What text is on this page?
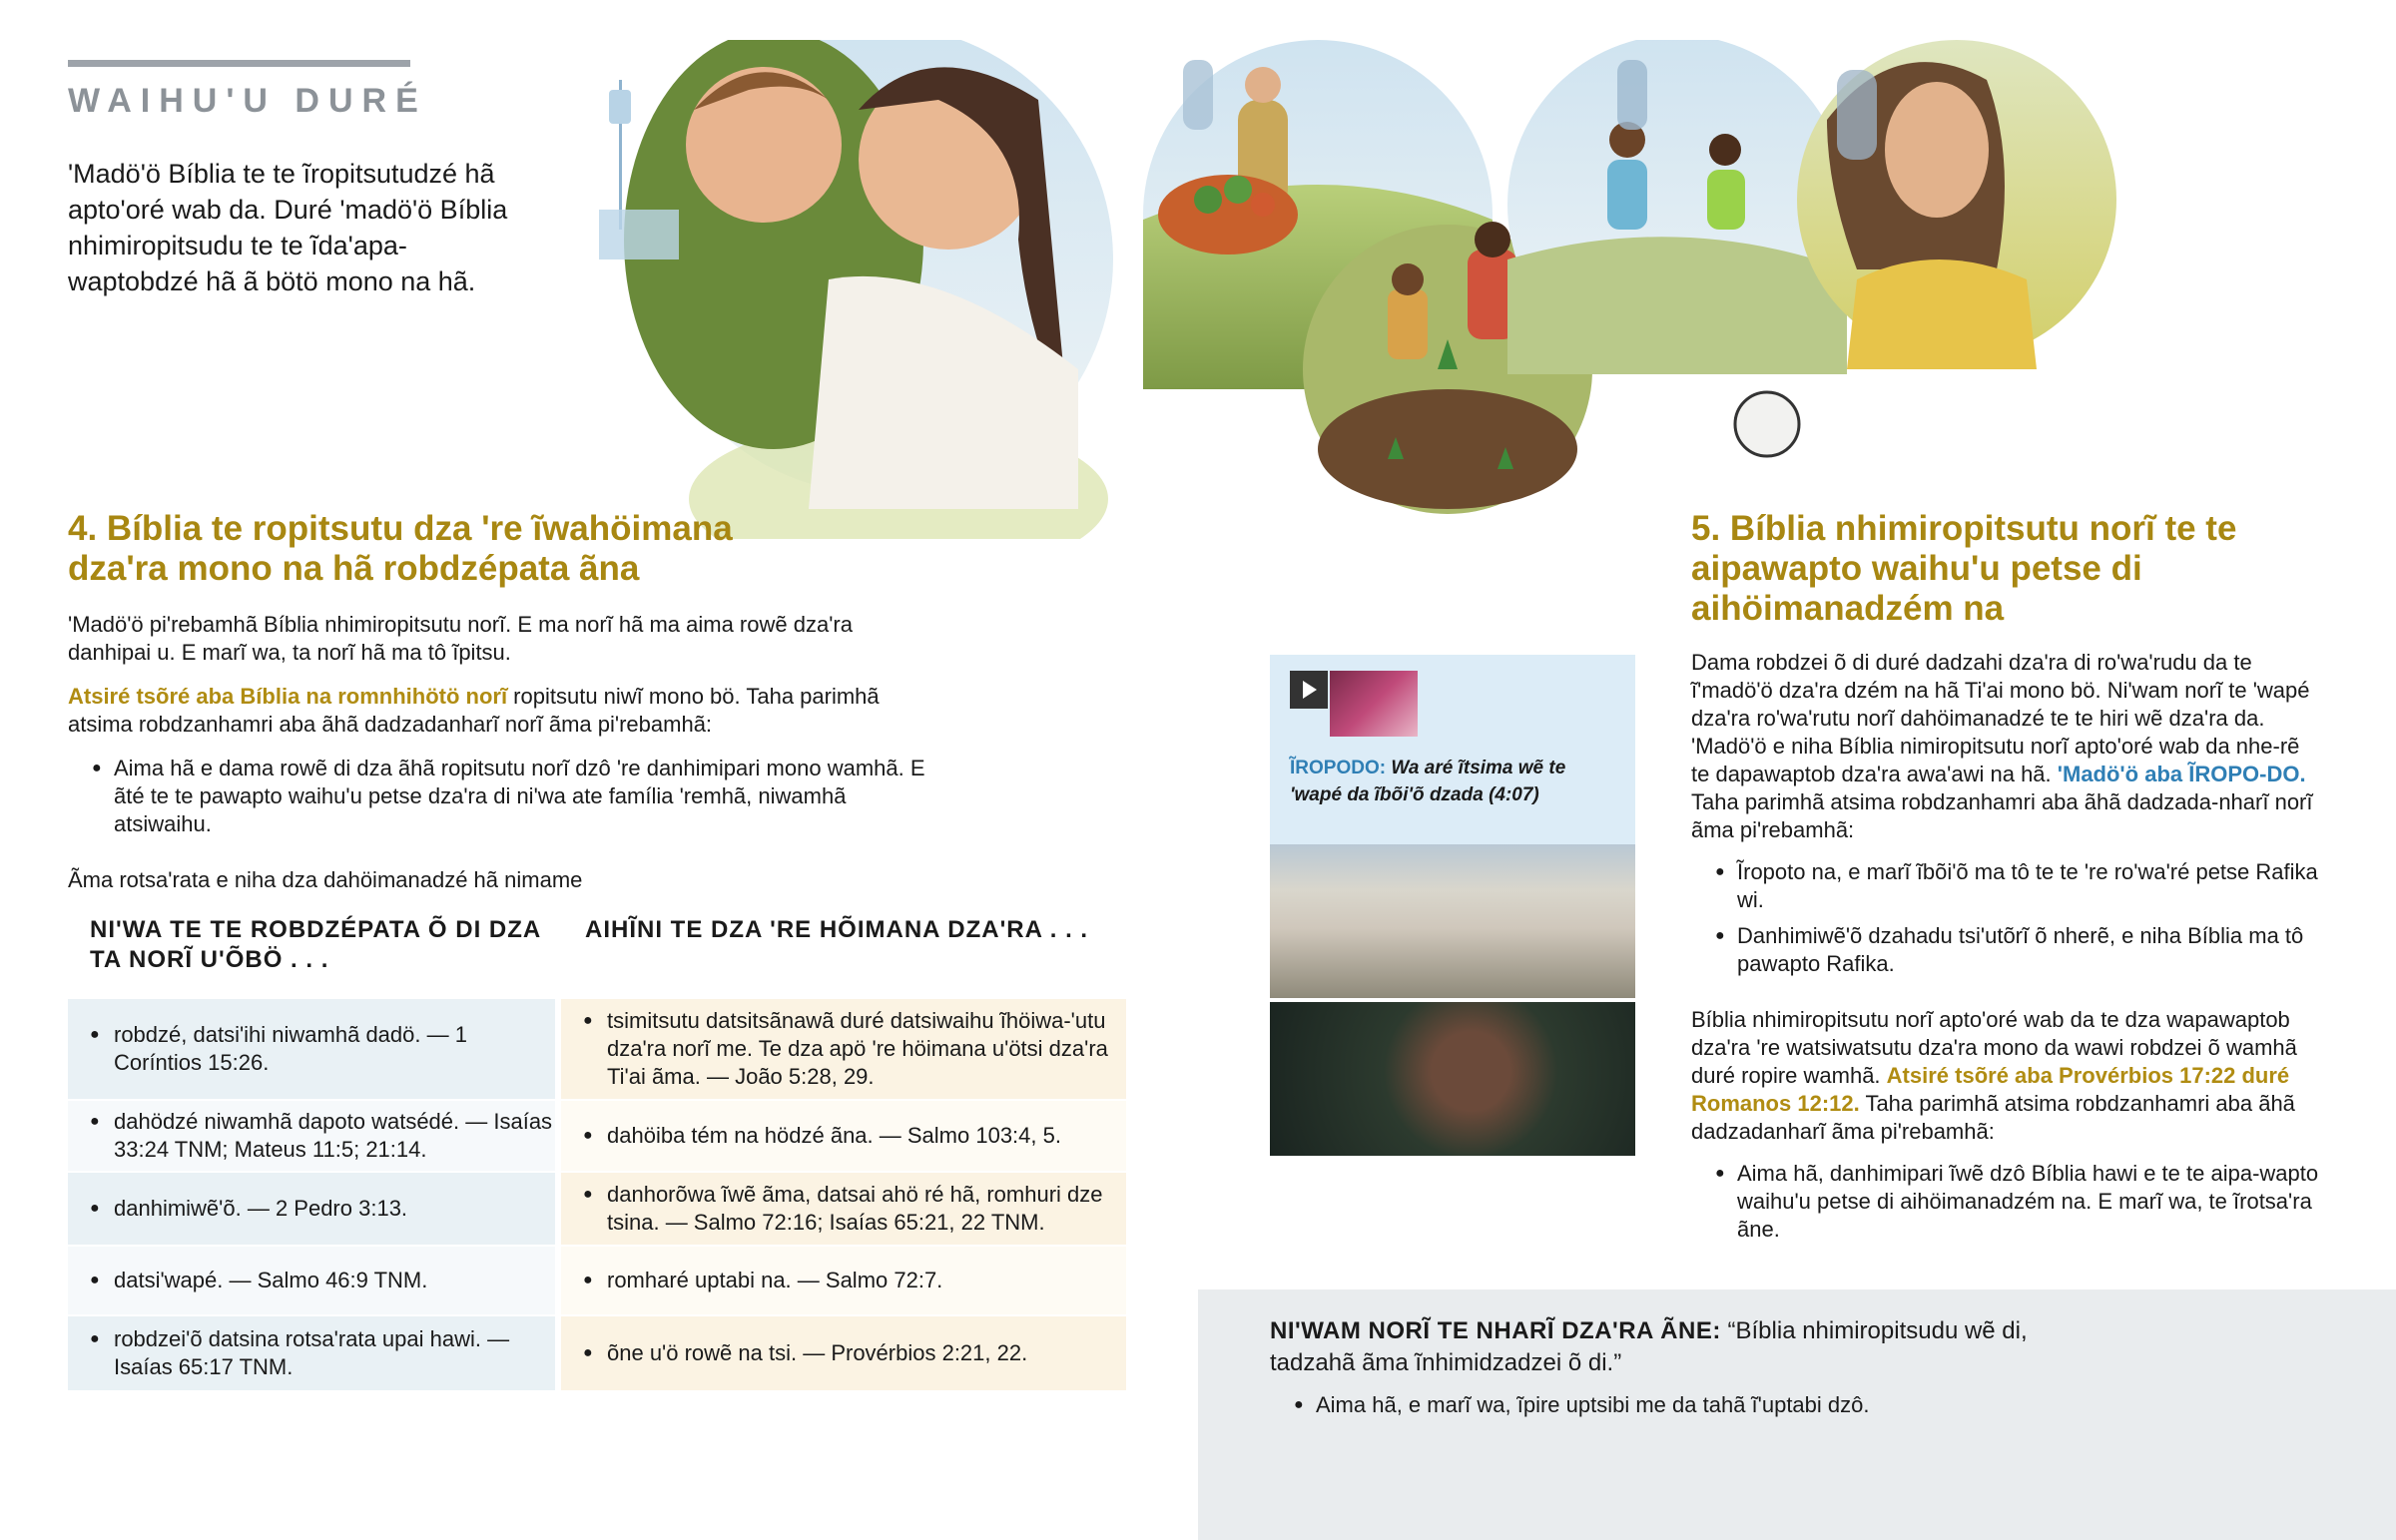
WAIHU'U DURÉ
'Madö'ö Bíblia te te ĩropitsutudzé hã apto'oré wab da. Duré 'madö'ö Bíblia nhimiropitsudu te te ĩda'apa-waptobdzé hã ã bötö mono na hã.
4. Bíblia te ropitsutu dza 're ĩwahöimana dza'ra mono na hã robdzépata ãna
'Madö'ö pi'rebamhã Bíblia nhimiropitsutu norĩ. E ma norĩ hã ma aima rowẽ dza'ra danhipai u. E marĩ wa, ta norĩ hã ma tô ĩpitsu.
Atsiré tsõré aba Bíblia na romnhihötö norĩ ropitsutu niwĩ mono bö. Taha parimhã atsima robdzanhamri aba ãhã dadzadanharĩ norĩ ãma pi'rebamhã:
● Aima hã e dama rowẽ di dza ãhã ropitsutu norĩ dzô 're danhimipari mono wamhã. E ãté te te pawapto waihu'u petse dza'ra di ni'wa ate família 'remhã, niwamhã atsiwaihu.
Ãma rotsa'rata e niha dza dahöimanadzé hã nimame
NI'WA TE TE ROBDZÉPATA Õ DI DZA TA NORĨ U'ÕBÖ . . .
AIHĨNI TE DZA 'RE HÕIMANA DZA'RA . . .
● robdzé, datsi'ihi niwamhã dadö. — 1 Coríntios 15:26.
● tsimitsutu datsitsãnawã duré datsiwaihu ĩhöiwa-'utu dza'ra norĩ me. Te dza apö 're höimana u'ötsi dza'ra Ti'ai ãma. — João 5:28, 29.
● dahödzé niwamhã dapoto watsédé. — Isaías 33:24 TNM; Mateus 11:5; 21:14.
● dahöiba tém na hödzé ãna. — Salmo 103:4, 5.
● danhimiwẽ'õ. — 2 Pedro 3:13.
● danhorõwa ĩwẽ ãma, datsai ahö ré hã, romhuri dze tsina. — Salmo 72:16; Isaías 65:21, 22 TNM.
● datsi'wapé. — Salmo 46:9 TNM.
●	romharé uptabi na. — Salmo 72:7.
● robdzei'õ datsina rotsa'rata upai hawi. — Isaías 65:17 TNM.
● õne u'ö rowẽ na tsi. — Provérbios 2:21, 22.
ĨROPODO: Wa aré ĩtsima wẽ te 'wapé da ĩbõi'õ dzada (4:07)
5. Bíblia nhimiropitsutu norĩ te te aipawapto waihu'u petse di aihöimanadzém na

Dama robdzei õ di duré dadzahi dza'ra di ro'wa'rudu da te ĩ'madö'ö dza'ra dzém na hã Ti'ai mono bö. Ni'wam norĩ te 'wapé dza'ra ro'wa'rutu norĩ dahöimanadzé te te hiri wẽ dza'ra da. 'Madö'ö e niha Bíblia nimiropitsutu norĩ apto'oré wab da nhe-rẽ te dapawaptob dza'ra awa'awi na hã. 'Madö'ö aba ĨROPO-DO. Taha parimhã atsima robdzanhamri aba ãhã dadzada-nharĩ norĩ ãma pi'rebamhã:

● Ĩropoto na, e marĩ ĩbõi'õ ma tô te te 're ro'wa'ré petse Rafika wi.
● Danhimiwẽ'õ dzahadu tsi'utõrĩ õ nherẽ, e niha Bíblia ma tô pawapto Rafika.

Bíblia nhimiropitsutu norĩ apto'oré wab da te dza wapawaptob dza'ra 're watsiwatsutu dza'ra mono da wawi robdzei õ wamhã duré ropire wamhã. Atsiré tsõré aba Provérbios 17:22 duré Romanos 12:12. Taha parimhã atsima robdzanhamri aba ãhã dadzadanharĩ ãma pi'rebamhã:

● Aima hã, danhimipari ĩwẽ dzô Bíblia hawi e te te aipa-wapto waihu'u petse di aihöimanadzém na. E marĩ wa, te ĩrotsa'ra ãne.
NI'WAM NORĨ TE NHARĨ DZA'RA ÃNE: “Bíblia nhimiropitsudu wẽ di, tadzahã ãma ĩnhimidzadzei õ di.”
● Aima hã, e marĩ wa, ĩpire uptsibi me da tahã ĩ'uptabi dzô.
